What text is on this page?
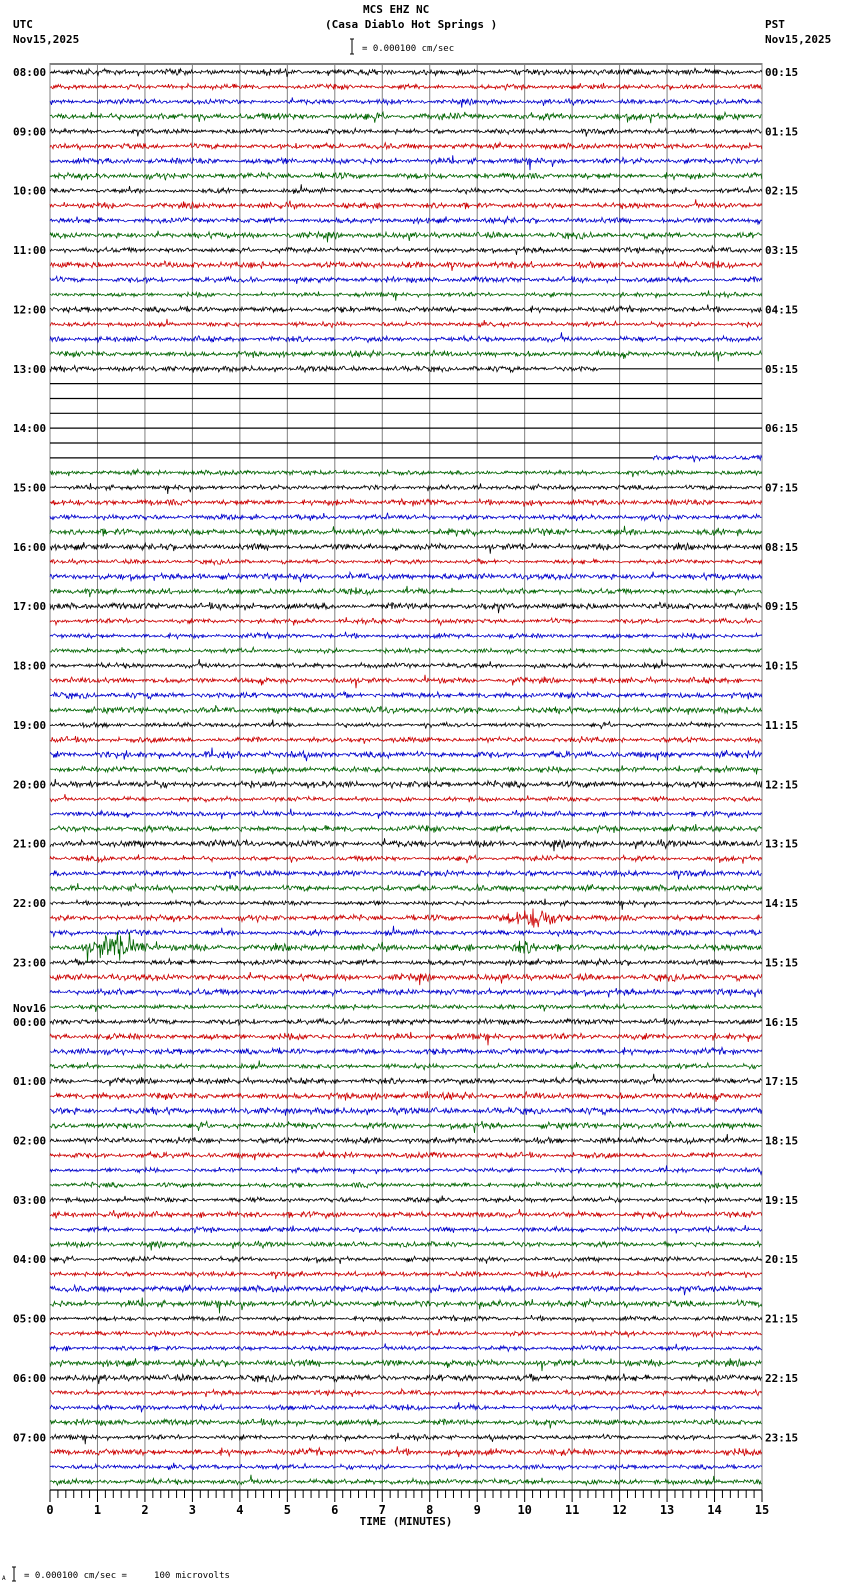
MCS EHZ NC
(Casa Diablo Hot Springs )
UTC
Nov15,2025
PST
Nov15,2025
= 0.000100 cm/sec
A = 0.000100 cm/sec =     100 microvolts
08:00
09:00
10:00
11:00
12:00
13:00
14:00
15:00
16:00
17:00
18:00
19:00
20:00
21:00
22:00
23:00
00:00
Nov16
01:00
02:00
03:00
04:00
05:00
06:00
07:00
00:15
01:15
02:15
03:15
04:15
05:15
06:15
07:15
08:15
09:15
10:15
11:15
12:15
13:15
14:15
15:15
16:15
17:15
18:15
19:15
20:15
21:15
22:15
23:15
0	1	2	3	4	5	6	7	8	9	10	11	12	13	14	15
TIME (MINUTES)
